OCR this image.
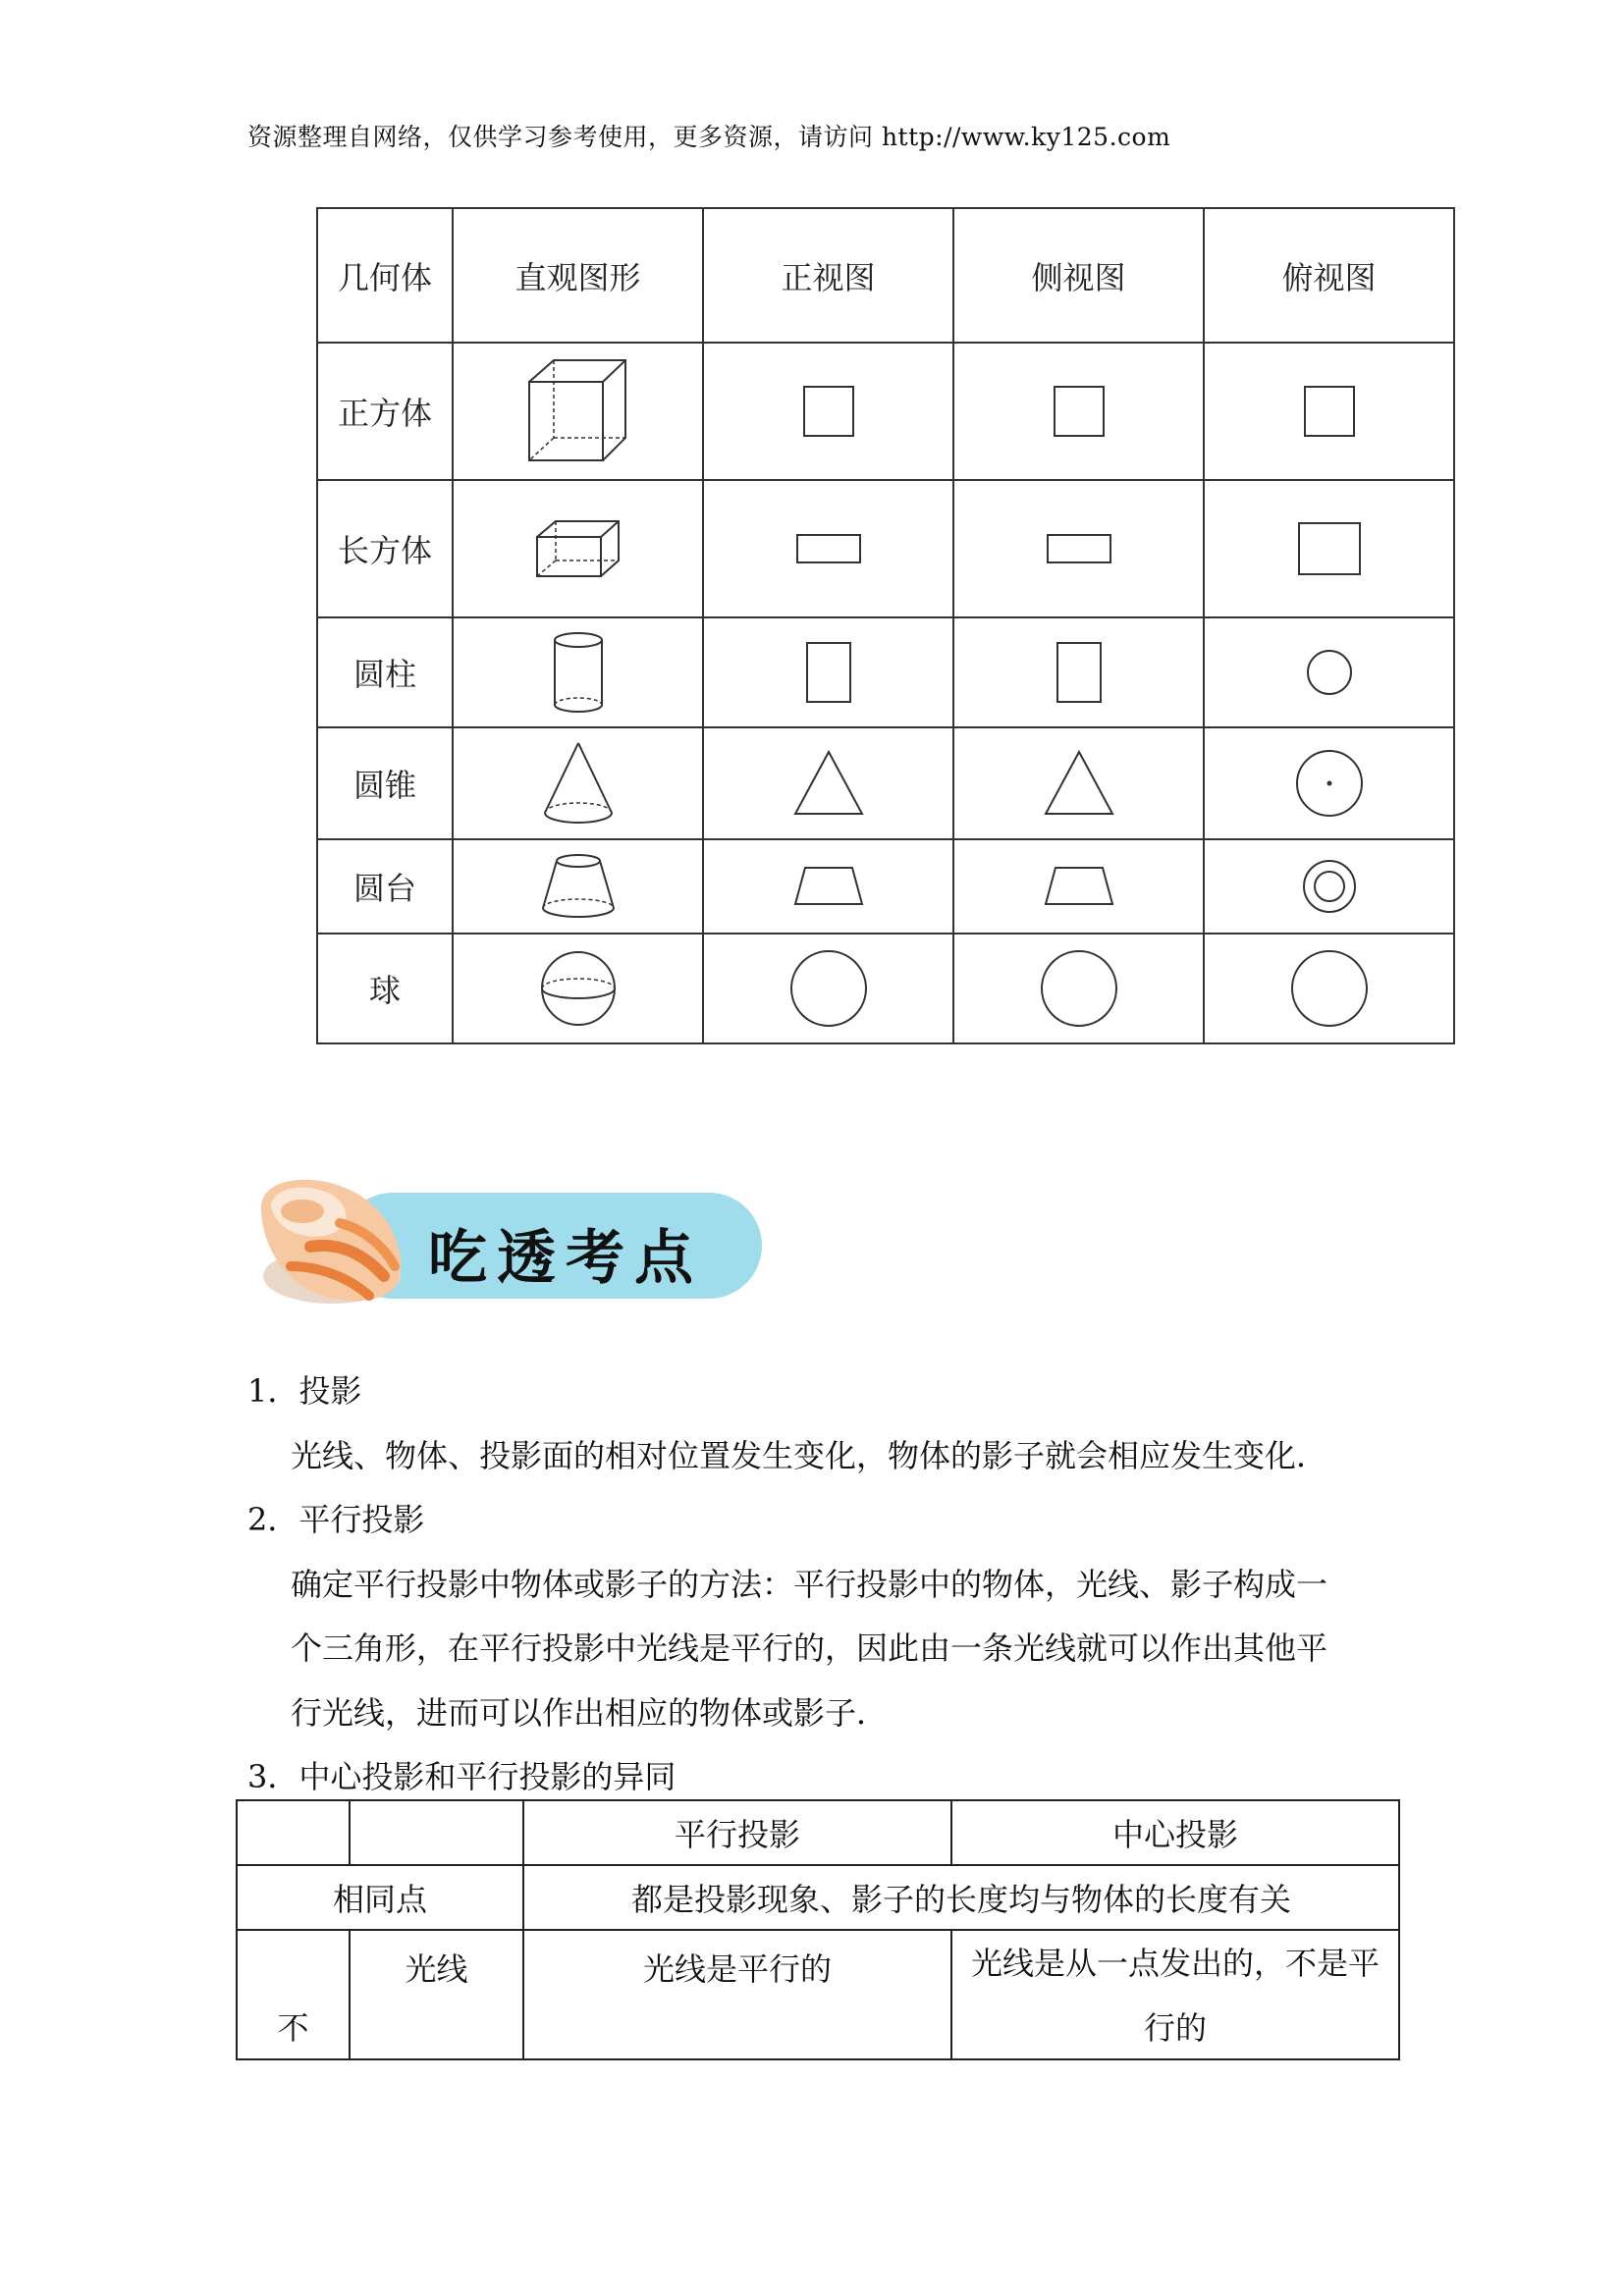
资源整理自网络，仅供学习参考使用，更多资源，请访问 http://www.ky125.com
几何体	直观图形	正视图	侧视图	俯视图
正方体	

长方体	

圆柱	

圆锥	

圆台	

球	

吃透考点
1．投影
光线、物体、投影面的相对位置发生变化，物体的影子就会相应发生变化．
2．平行投影
确定平行投影中物体或影子的方法：平行投影中的物体，光线、影子构成一
个三角形，在平行投影中光线是平行的，因此由一条光线就可以作出其他平
行光线，进而可以作出相应的物体或影子．
3．中心投影和平行投影的异同
		平行投影	中心投影
相同点		都是投影现象、影子的长度均与物体的长度有关	
不	光线	光线是平行的	光线是从一点发出的，不是平
行的
